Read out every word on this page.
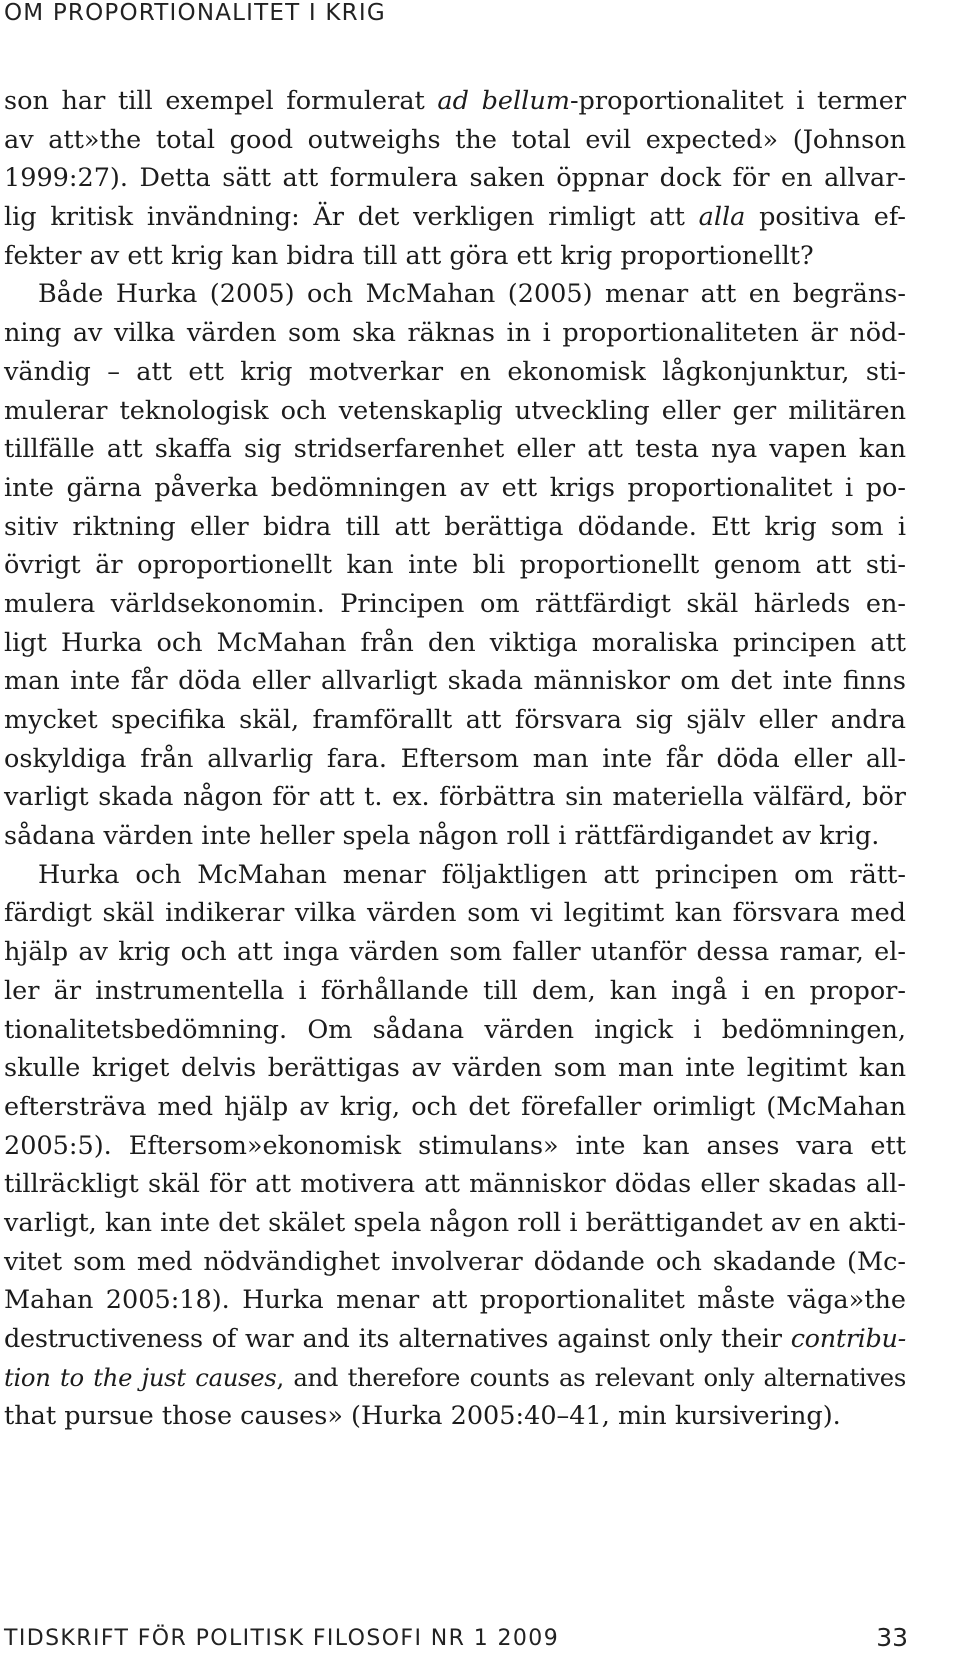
OM PROPORTIONALITET I KRIG
son har till exempel formulerat ad bellum-proportionalitet i termer
av att»the total good outweighs the total evil expected» (Johnson
1999:27). Detta sätt att formulera saken öppnar dock för en allvar-
lig kritisk invändning: Är det verkligen rimligt att alla positiva ef-
fekter av ett krig kan bidra till att göra ett krig proportionellt?
Både Hurka (2005) och McMahan (2005) menar att en begräns-
ning av vilka värden som ska räknas in i proportionaliteten är nöd-
vändig – att ett krig motverkar en ekonomisk lågkonjunktur, sti-
mulerar teknologisk och vetenskaplig utveckling eller ger militären
tillfälle att skaffa sig stridserfarenhet eller att testa nya vapen kan
inte gärna påverka bedömningen av ett krigs proportionalitet i po-
sitiv riktning eller bidra till att berättiga dödande. Ett krig som i
övrigt är oproportionellt kan inte bli proportionellt genom att sti-
mulera världsekonomin. Principen om rättfärdigt skäl härleds en-
ligt Hurka och McMahan från den viktiga moraliska principen att
man inte får döda eller allvarligt skada människor om det inte finns
mycket specifika skäl, framförallt att försvara sig själv eller andra
oskyldiga från allvarlig fara. Eftersom man inte får döda eller all-
varligt skada någon för att t. ex. förbättra sin materiella välfärd, bör
sådana värden inte heller spela någon roll i rättfärdigandet av krig.
Hurka och McMahan menar följaktligen att principen om rätt-
färdigt skäl indikerar vilka värden som vi legitimt kan försvara med
hjälp av krig och att inga värden som faller utanför dessa ramar, el-
ler är instrumentella i förhållande till dem, kan ingå i en propor-
tionalitetsbedömning. Om sådana värden ingick i bedömningen,
skulle kriget delvis berättigas av värden som man inte legitimt kan
eftersträva med hjälp av krig, och det förefaller orimligt (McMahan
2005:5). Eftersom»ekonomisk stimulans» inte kan anses vara ett
tillräckligt skäl för att motivera att människor dödas eller skadas all-
varligt, kan inte det skälet spela någon roll i berättigandet av en akti-
vitet som med nödvändighet involverar dödande och skadande (Mc-
Mahan 2005:18). Hurka menar att proportionalitet måste väga»the
destructiveness of war and its alternatives against only their contribu-
tion to the just causes, and therefore counts as relevant only alternatives
that pursue those causes» (Hurka 2005:40–41, min kursivering).
TIDSKRIFT FÖR POLITISK FILOSOFI NR 1 2009	33
